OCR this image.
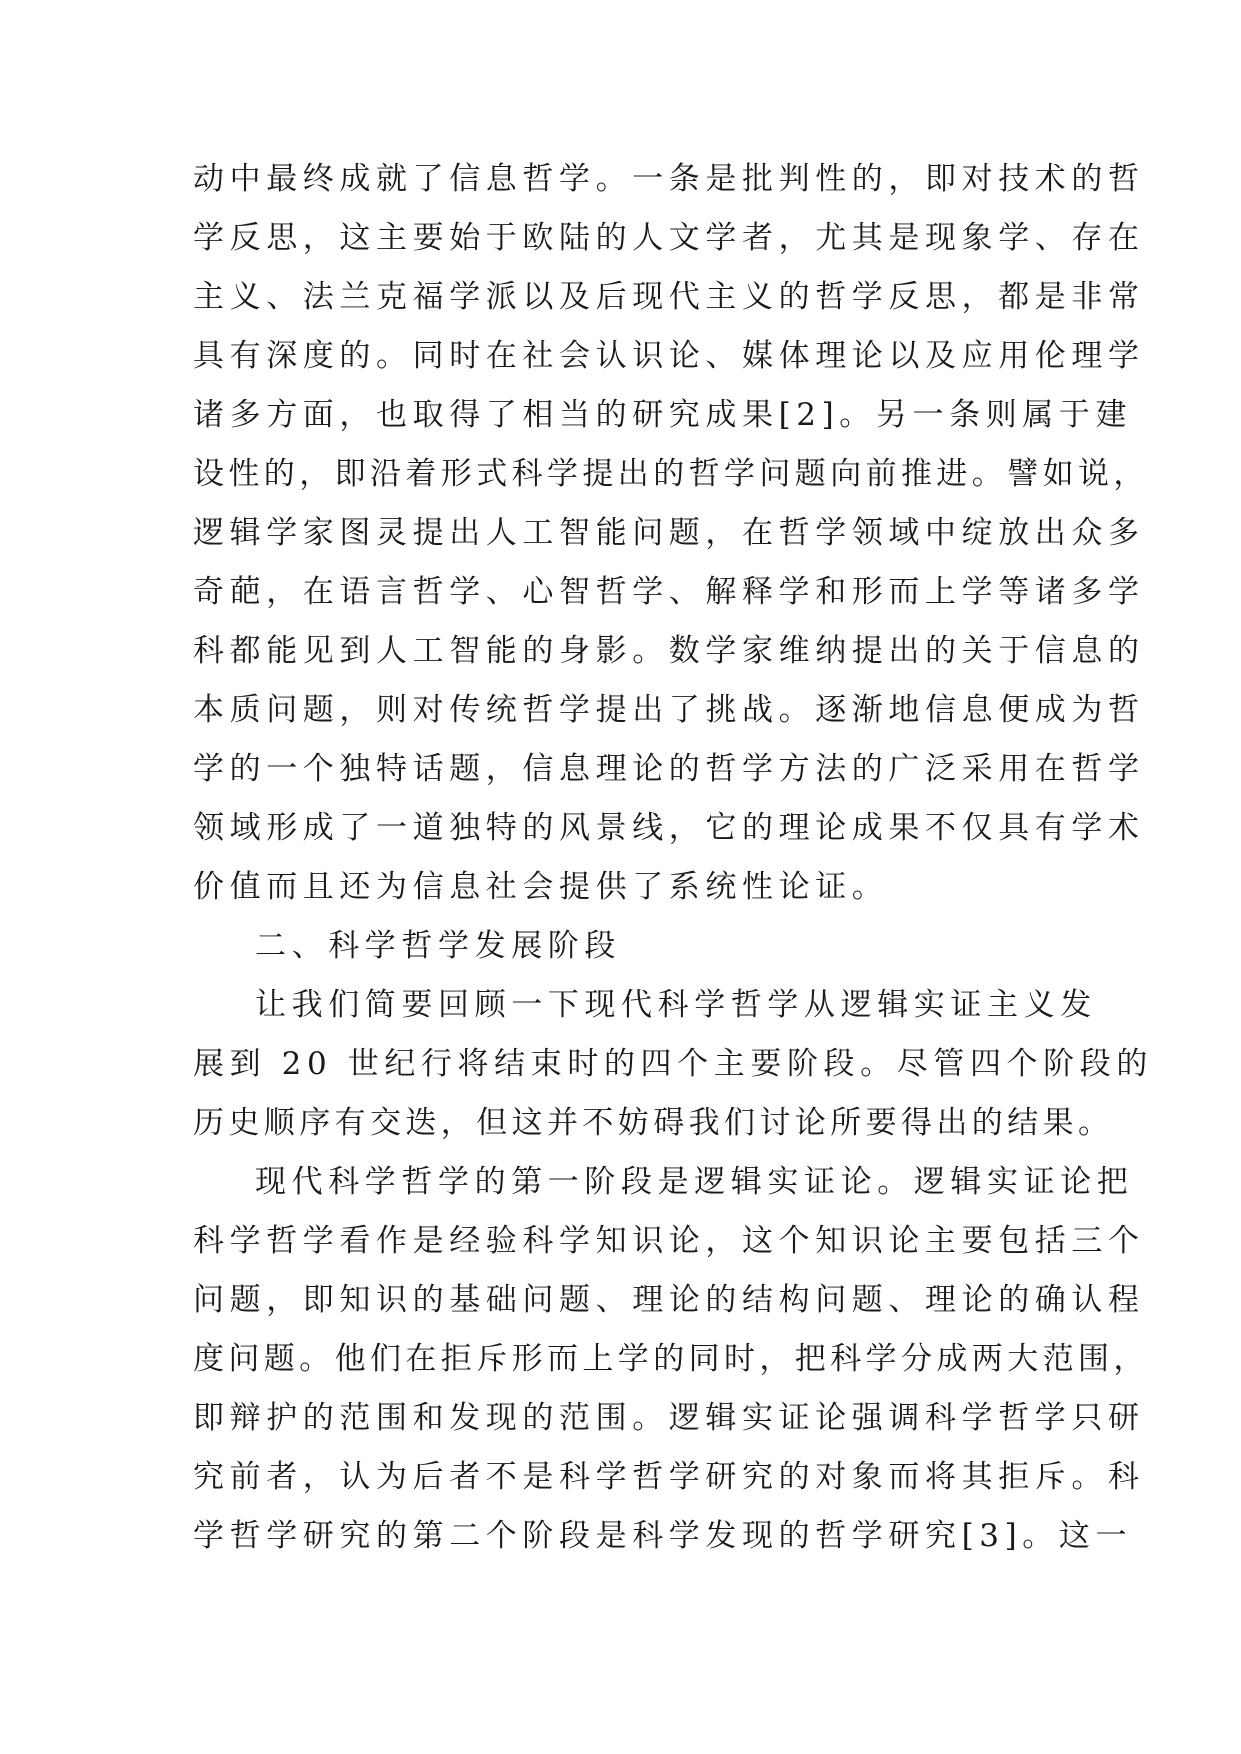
动中最终成就了信息哲学。一条是批判性的，即对技术的哲
学反思，这主要始于欧陆的人文学者，尤其是现象学、存在
主义、法兰克福学派以及后现代主义的哲学反思，都是非常
具有深度的。同时在社会认识论、媒体理论以及应用伦理学
诸多方面，也取得了相当的研究成果[2]。另一条则属于建
设性的，即沿着形式科学提出的哲学问题向前推进。譬如说，
逻辑学家图灵提出人工智能问题，在哲学领域中绽放出众多
奇葩，在语言哲学、心智哲学、解释学和形而上学等诸多学
科都能见到人工智能的身影。数学家维纳提出的关于信息的
本质问题，则对传统哲学提出了挑战。逐渐地信息便成为哲
学的一个独特话题，信息理论的哲学方法的广泛采用在哲学
领域形成了一道独特的风景线，它的理论成果不仅具有学术
价值而且还为信息社会提供了系统性论证。
二、科学哲学发展阶段
让我们简要回顾一下现代科学哲学从逻辑实证主义发
展到 20 世纪行将结束时的四个主要阶段。尽管四个阶段的
历史顺序有交迭，但这并不妨碍我们讨论所要得出的结果。
现代科学哲学的第一阶段是逻辑实证论。逻辑实证论把
科学哲学看作是经验科学知识论，这个知识论主要包括三个
问题，即知识的基础问题、理论的结构问题、理论的确认程
度问题。他们在拒斥形而上学的同时，把科学分成两大范围，
即辩护的范围和发现的范围。逻辑实证论强调科学哲学只研
究前者，认为后者不是科学哲学研究的对象而将其拒斥。科
学哲学研究的第二个阶段是科学发现的哲学研究[3]。这一
